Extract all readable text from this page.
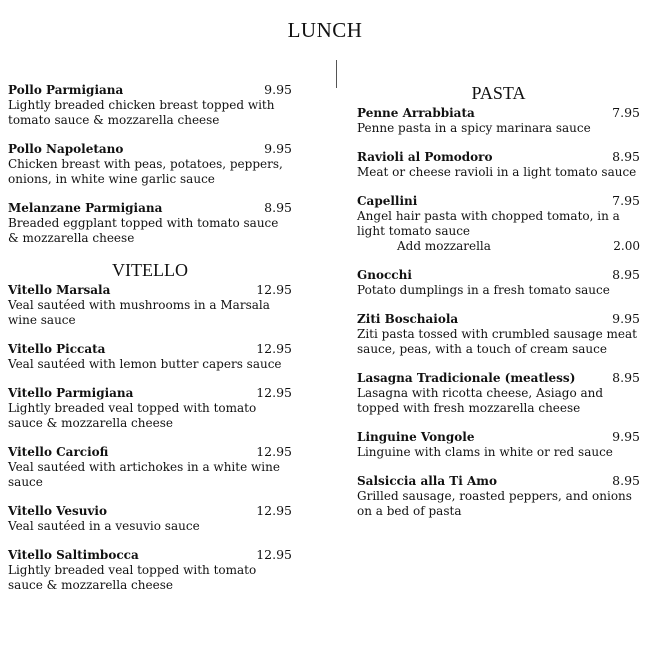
LUNCH
Pollo Parmigiana	9.95
Lightly breaded chicken breast topped with tomato sauce & mozzarella cheese
Pollo Napoletano	9.95
Chicken breast with peas, potatoes, peppers, onions, in white wine garlic sauce
Melanzane Parmigiana	8.95
Breaded eggplant topped with tomato sauce & mozzarella cheese
VITELLO
Vitello Marsala	12.95
Veal sautéed with mushrooms in a Marsala wine sauce
Vitello Piccata	12.95
Veal sautéed with lemon butter capers sauce
Vitello Parmigiana	12.95
Lightly breaded veal topped with tomato sauce & mozzarella cheese
Vitello Carciofi	12.95
Veal sautéed with artichokes in a white wine sauce
Vitello Vesuvio	12.95
Veal sautéed in a vesuvio sauce
Vitello Saltimbocca	12.95
Lightly breaded veal topped with tomato sauce & mozzarella cheese
PASTA
Penne Arrabbiata	7.95
Penne pasta in a spicy marinara sauce
Ravioli al Pomodoro	8.95
Meat or cheese ravioli in a light tomato sauce
Capellini	7.95
Angel hair pasta with chopped tomato, in a light tomato sauce
Add mozzarella	2.00
Gnocchi	8.95
Potato dumplings in a fresh tomato sauce
Ziti Boschaiola	9.95
Ziti pasta tossed with crumbled sausage meat sauce, peas, with a touch of cream sauce
Lasagna Tradicionale (meatless)	8.95
Lasagna with ricotta cheese, Asiago and topped with fresh mozzarella cheese
Linguine Vongole	9.95
Linguine with clams in white or red sauce
Salsiccia alla Ti Amo	8.95
Grilled sausage, roasted peppers, and onions on a bed of pasta
